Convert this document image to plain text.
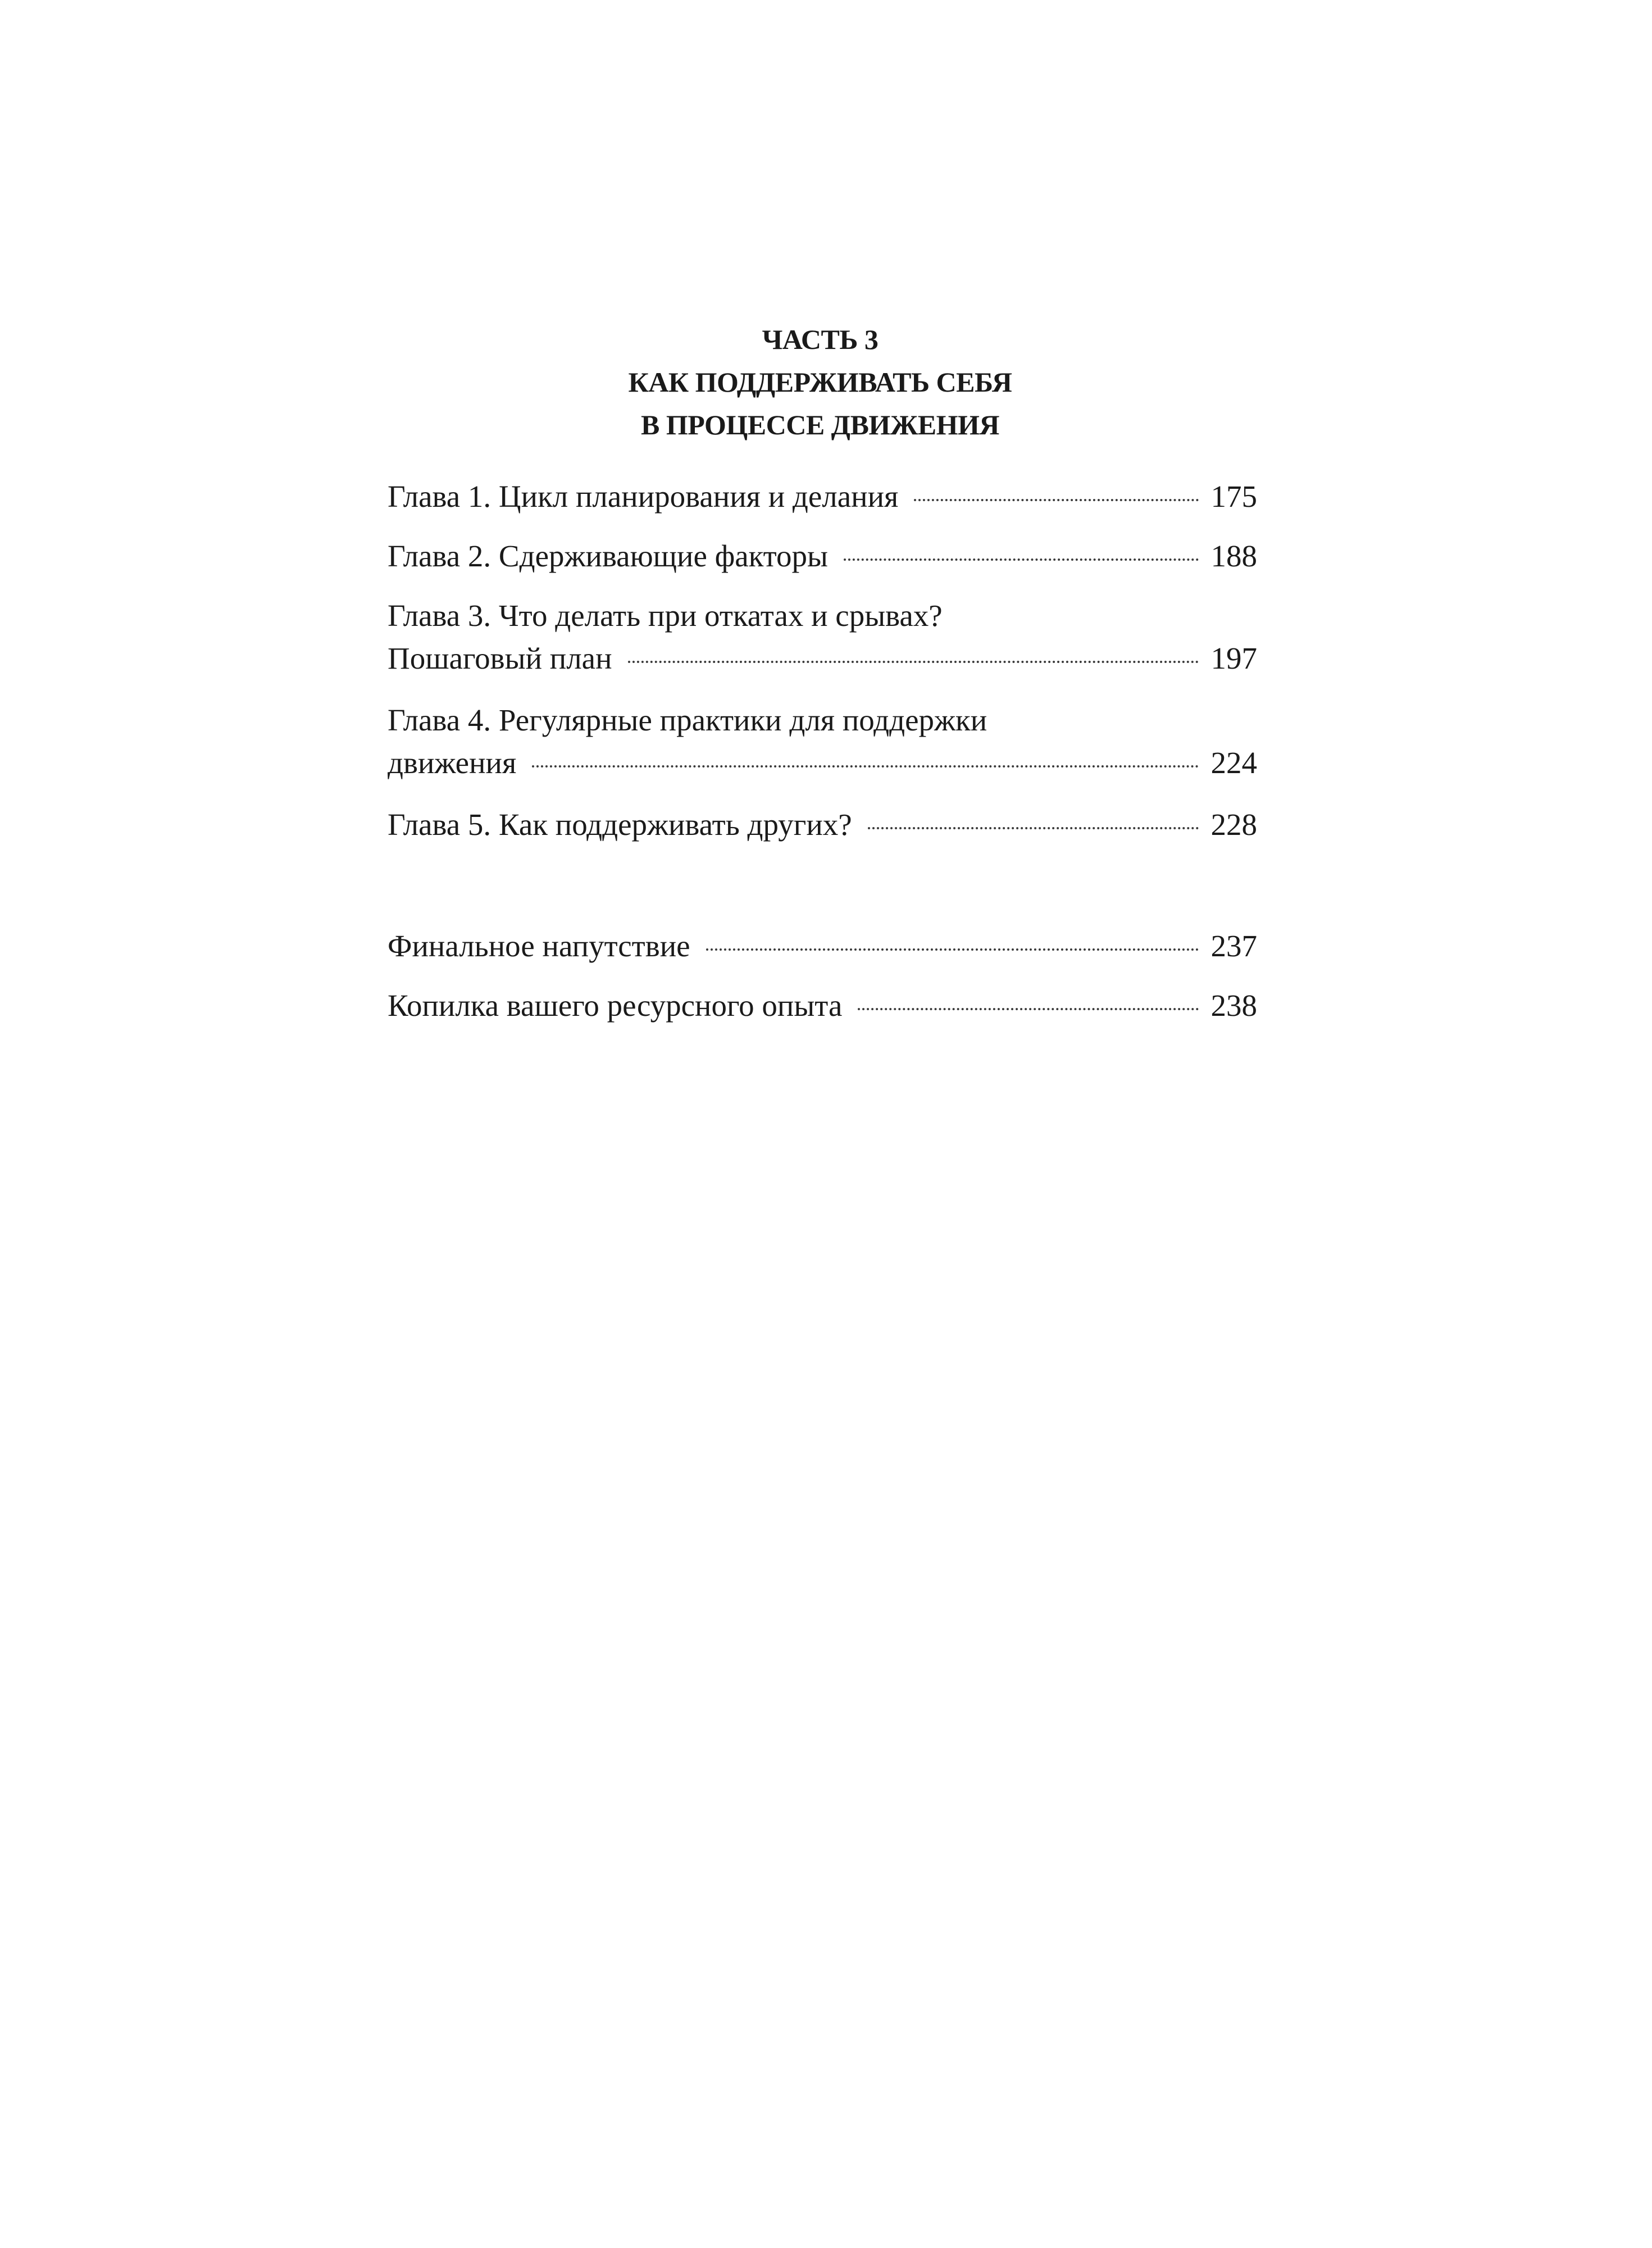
ЧАСТЬ 3
КАК ПОДДЕРЖИВАТЬ СЕБЯ
В ПРОЦЕССЕ ДВИЖЕНИЯ
Глава 1. Цикл планирования и делания	175
Глава 2. Сдерживающие факторы	188
Глава 3. Что делать при откатах и срывах?
Пошаговый план	197
Глава 4. Регулярные практики для поддержки
движения	224
Глава 5. Как поддерживать других?	228
Финальное напутствие	237
Копилка вашего ресурсного опыта	238
